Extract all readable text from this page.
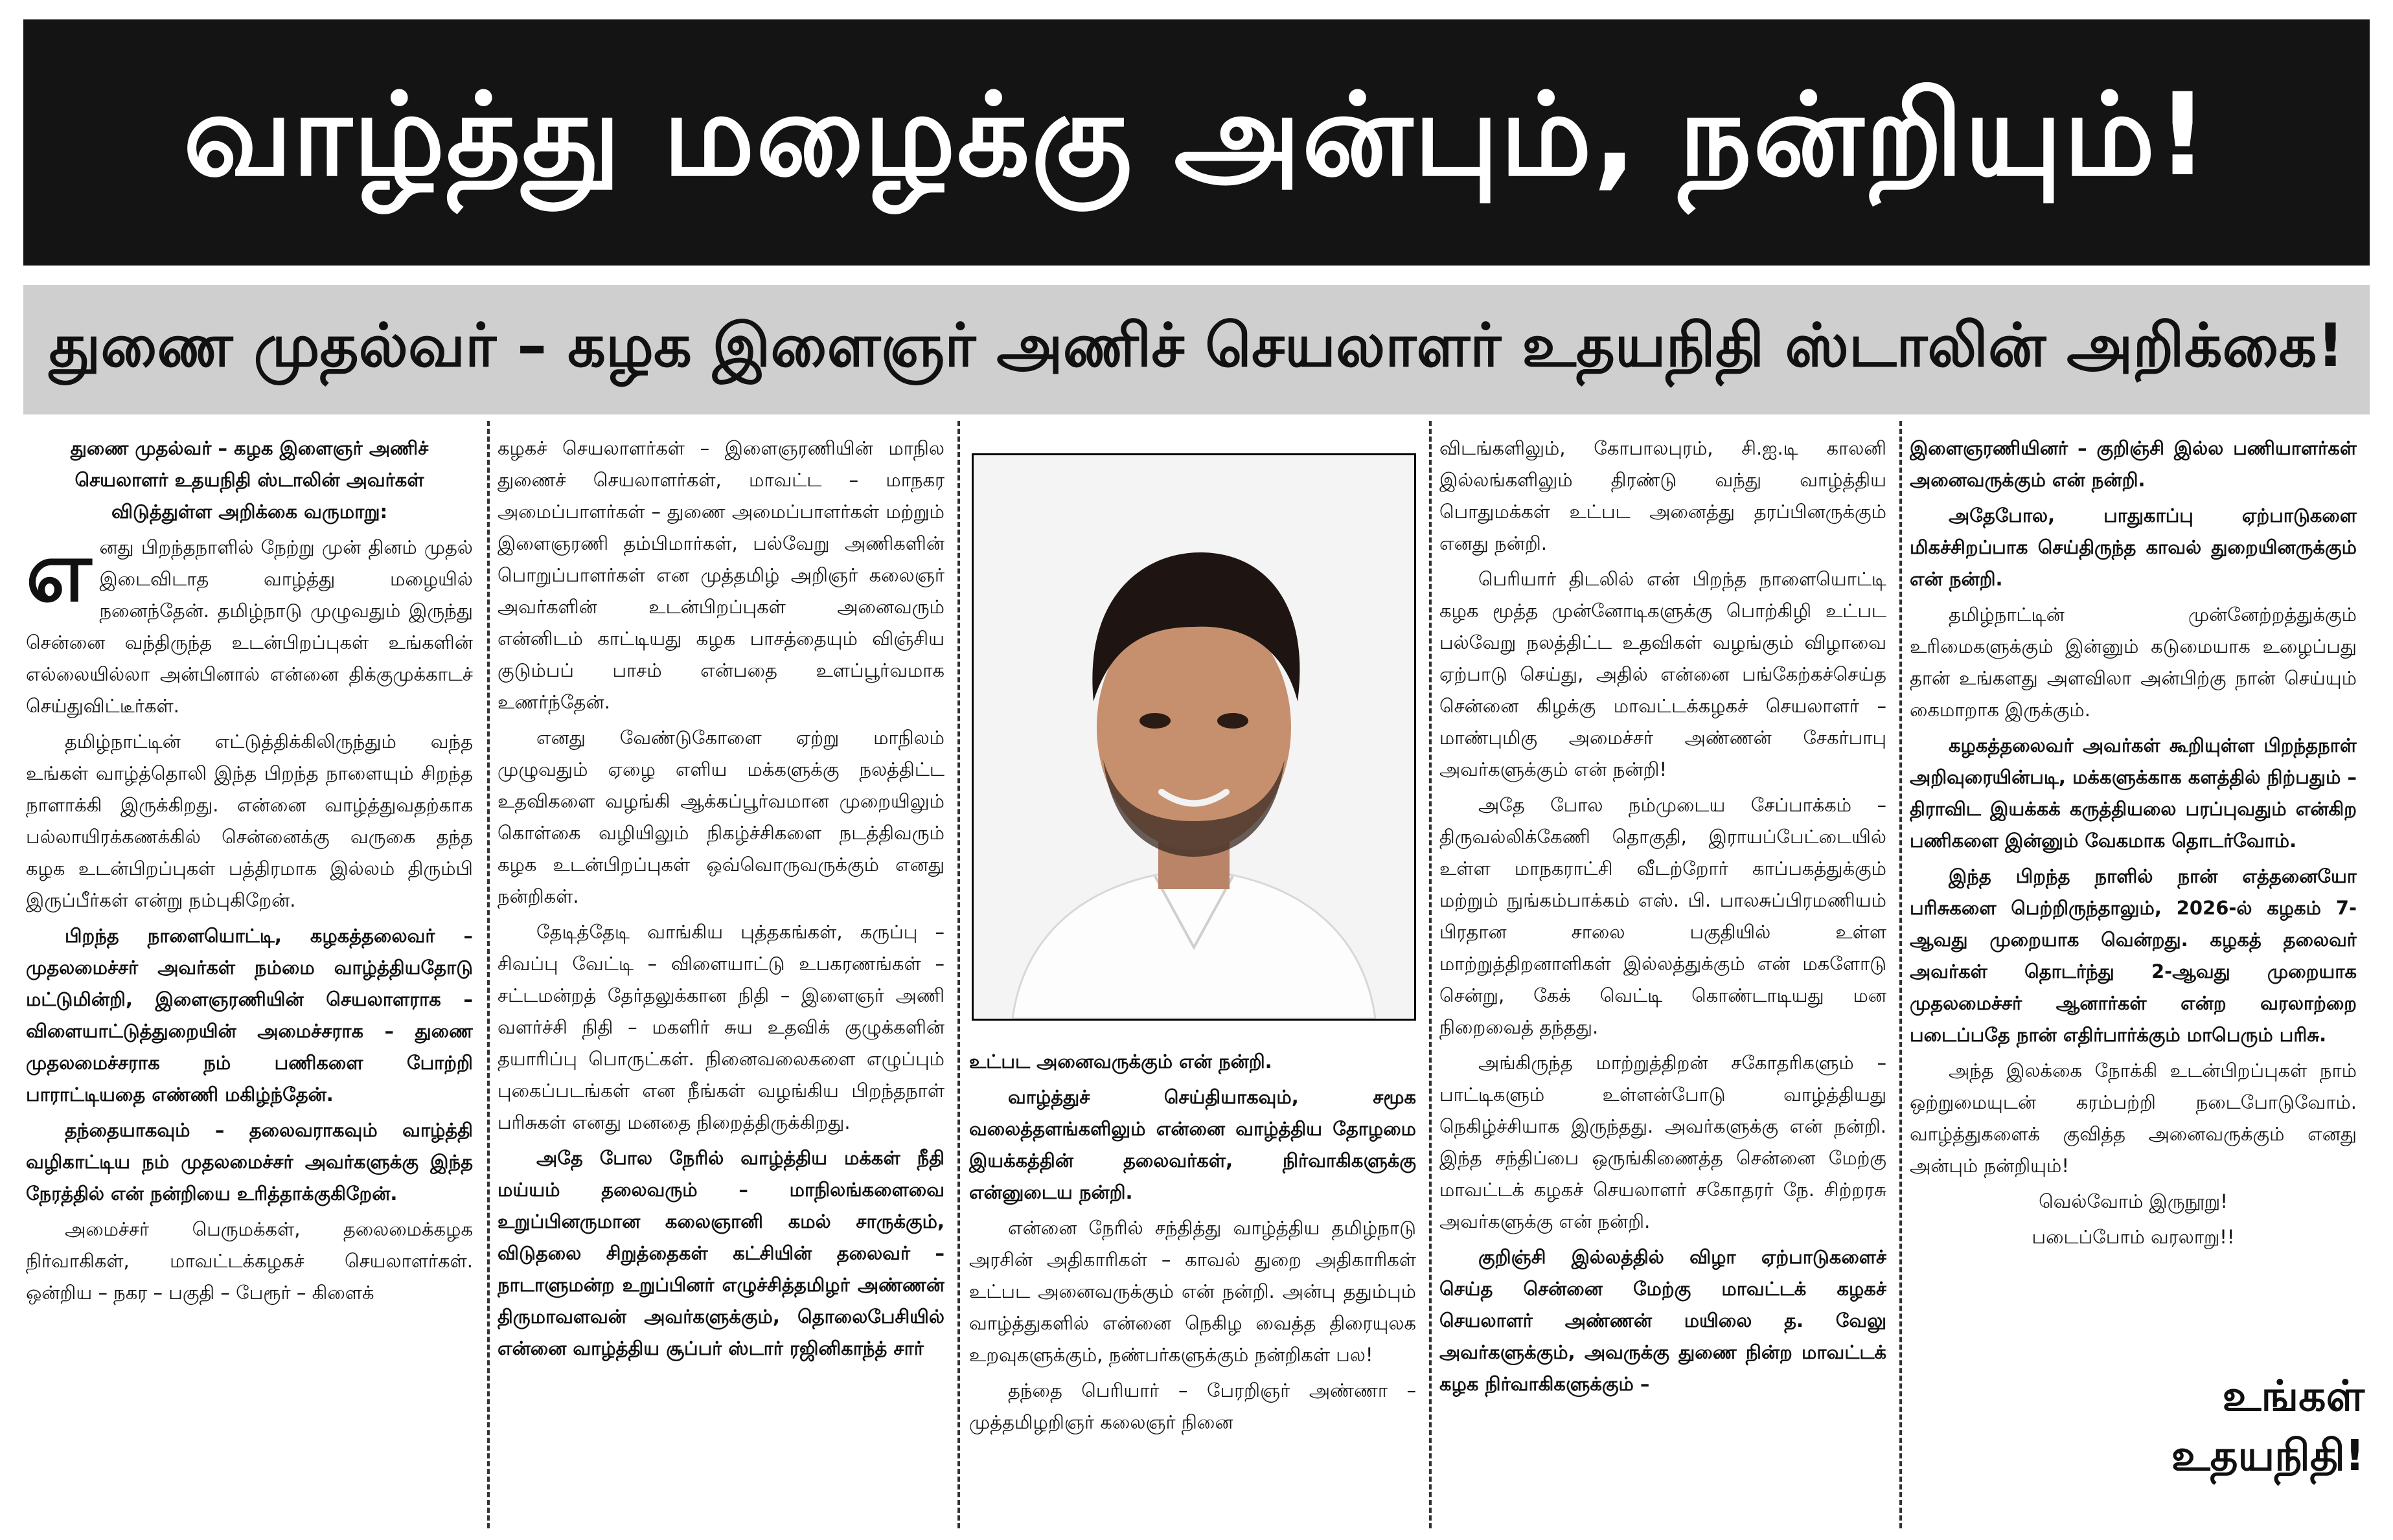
வாழ்த்து மழைக்கு அன்பும், நன்றியும்!
துணை முதல்வர் – கழக இளைஞர் அணிச் செயலாளர் உதயநிதி ஸ்டாலின் அறிக்கை!

துணை முதல்வர் – கழக இளைஞர் அணிச் செயலாளர் உதயநிதி ஸ்டாலின் அவர்கள் விடுத்துள்ள அறிக்கை வருமாறு:

எனது பிறந்தநாளில் நேற்று முன் தினம் முதல் இடைவிடாத வாழ்த்து மழையில் நனைந்தேன். தமிழ்நாடு முழுவதும் இருந்து சென்னை வந்திருந்த உடன்பிறப்புகள் உங்களின் எல்லையில்லா அன்பினால் என்னை திக்குமுக்காடச் செய்துவிட்டீர்கள்.

தமிழ்நாட்டின் எட்டுத்திக்கிலிருந்தும் வந்த உங்கள் வாழ்த்தொலி இந்த பிறந்த நாளையும் சிறந்த நாளாக்கி இருக்கிறது. என்னை வாழ்த்துவதற்காக பல்லாயிரக்கணக்கில் சென்னைக்கு வருகை தந்த கழக உடன்பிறப்புகள் பத்திரமாக இல்லம் திரும்பி இருப்பீர்கள் என்று நம்புகிறேன்.

பிறந்த நாளையொட்டி, கழகத்தலைவர் – முதலமைச்சர் அவர்கள் நம்மை வாழ்த்தியதோடு மட்டுமின்றி, இளைஞரணியின் செயலாளராக – விளையாட்டுத்துறையின் அமைச்சராக – துணை முதலமைச்சராக நம் பணிகளை போற்றி பாராட்டியதை எண்ணி மகிழ்ந்தேன்.

தந்தையாகவும் – தலைவராகவும் வாழ்த்தி வழிகாட்டிய நம் முதலமைச்சர் அவர்களுக்கு இந்த நேரத்தில் என் நன்றியை உரித்தாக்குகிறேன்.

அமைச்சர் பெருமக்கள், தலைமைக்கழக நிர்வாகிகள், மாவட்டக்கழகச் செயலாளர்கள். ஒன்றிய – நகர – பகுதி – பேரூர் – கிளைக்

கழகச் செயலாளர்கள் – இளைஞரணியின் மாநில துணைச் செயலாளர்கள், மாவட்ட – மாநகர அமைப்பாளர்கள் – துணை அமைப்பாளர்கள் மற்றும் இளைஞரணி தம்பிமார்கள், பல்வேறு அணிகளின் பொறுப்பாளர்கள் என முத்தமிழ் அறிஞர் கலைஞர் அவர்களின் உடன்பிறப்புகள் அனைவரும் என்னிடம் காட்டியது கழக பாசத்தையும் விஞ்சிய குடும்பப் பாசம் என்பதை உளப்பூர்வமாக உணர்ந்தேன்.

எனது வேண்டுகோளை ஏற்று மாநிலம் முழுவதும் ஏழை எளிய மக்களுக்கு நலத்திட்ட உதவிகளை வழங்கி ஆக்கப்பூர்வமான முறையிலும் கொள்கை வழியிலும் நிகழ்ச்சிகளை நடத்திவரும் கழக உடன்பிறப்புகள் ஒவ்வொருவருக்கும் எனது நன்றிகள்.

தேடித்தேடி வாங்கிய புத்தகங்கள், கருப்பு – சிவப்பு வேட்டி – விளையாட்டு உபகரணங்கள் – சட்டமன்றத் தேர்தலுக்கான நிதி – இளைஞர் அணி வளர்ச்சி நிதி – மகளிர் சுய உதவிக் குழுக்களின் தயாரிப்பு பொருட்கள். நினைவலைகளை எழுப்பும் புகைப்படங்கள் என நீங்கள் வழங்கிய பிறந்தநாள் பரிசுகள் எனது மனதை நிறைத்திருக்கிறது.

அதே போல நேரில் வாழ்த்திய மக்கள் நீதி மய்யம் தலைவரும் – மாநிலங்களைவை உறுப்பினருமான கலைஞானி கமல் சாருக்கும், விடுதலை சிறுத்தைகள் கட்சியின் தலைவர் – நாடாளுமன்ற உறுப்பினர் எழுச்சித்தமிழர் அண்ணன் திருமாவளவன் அவர்களுக்கும், தொலைபேசியில் என்னை வாழ்த்திய சூப்பர் ஸ்டார் ரஜினிகாந்த் சார்

உட்பட அனைவருக்கும் என் நன்றி.

வாழ்த்துச் செய்தியாகவும், சமூக வலைத்தளங்களிலும் என்னை வாழ்த்திய தோழமை இயக்கத்தின் தலைவர்கள், நிர்வாகிகளுக்கு என்னுடைய நன்றி.

என்னை நேரில் சந்தித்து வாழ்த்திய தமிழ்நாடு அரசின் அதிகாரிகள் – காவல் துறை அதிகாரிகள் உட்பட அனைவருக்கும் என் நன்றி. அன்பு ததும்பும் வாழ்த்துகளில் என்னை நெகிழ வைத்த திரையுலக உறவுகளுக்கும், நண்பர்களுக்கும் நன்றிகள் பல!

தந்தை பெரியார் – பேரறிஞர் அண்ணா – முத்தமிழறிஞர் கலைஞர் நினை

விடங்களிலும், கோபாலபுரம், சி.ஐ.டி காலனி இல்லங்களிலும் திரண்டு வந்து வாழ்த்திய பொதுமக்கள் உட்பட அனைத்து தரப்பினருக்கும் எனது நன்றி.

பெரியார் திடலில் என் பிறந்த நாளையொட்டி கழக மூத்த முன்னோடிகளுக்கு பொற்கிழி உட்பட பல்வேறு நலத்திட்ட உதவிகள் வழங்கும் விழாவை ஏற்பாடு செய்து, அதில் என்னை பங்கேற்கச்செய்த சென்னை கிழக்கு மாவட்டக்கழகச் செயலாளர் – மாண்புமிகு அமைச்சர் அண்ணன் சேகர்பாபு அவர்களுக்கும் என் நன்றி!

அதே போல நம்முடைய சேப்பாக்கம் – திருவல்லிக்கேணி தொகுதி, இராயப்பேட்டையில் உள்ள மாநகராட்சி வீடற்றோர் காப்பகத்துக்கும் மற்றும் நுங்கம்பாக்கம் எஸ். பி. பாலசுப்பிரமணியம் பிரதான சாலை பகுதியில் உள்ள மாற்றுத்திறனாளிகள் இல்லத்துக்கும் என் மகளோடு சென்று, கேக் வெட்டி கொண்டாடியது மன நிறைவைத் தந்தது.

அங்கிருந்த மாற்றுத்திறன் சகோதரிகளும் – பாட்டிகளும் உள்ளன்போடு வாழ்த்தியது நெகிழ்ச்சியாக இருந்தது. அவர்களுக்கு என் நன்றி. இந்த சந்திப்பை ஒருங்கிணைத்த சென்னை மேற்கு மாவட்டக் கழகச் செயலாளர் சகோதரர் நே. சிற்றரசு அவர்களுக்கு என் நன்றி.

குறிஞ்சி இல்லத்தில் விழா ஏற்பாடுகளைச் செய்த சென்னை மேற்கு மாவட்டக் கழகச் செயலாளர் அண்ணன் மயிலை த. வேலு அவர்களுக்கும், அவருக்கு துணை நின்ற மாவட்டக் கழக நிர்வாகிகளுக்கும் –

இளைஞரணியினர் – குறிஞ்சி இல்ல பணியாளர்கள் அனைவருக்கும் என் நன்றி.

அதேபோல, பாதுகாப்பு ஏற்பாடுகளை மிகச்சிறப்பாக செய்திருந்த காவல் துறையினருக்கும் என் நன்றி.

தமிழ்நாட்டின் முன்னேற்றத்துக்கும் உரிமைகளுக்கும் இன்னும் கடுமையாக உழைப்பது தான் உங்களது அளவிலா அன்பிற்கு நான் செய்யும் கைமாறாக இருக்கும்.

கழகத்தலைவர் அவர்கள் கூறியுள்ள பிறந்தநாள் அறிவுரையின்படி, மக்களுக்காக களத்தில் நிற்பதும் – திராவிட இயக்கக் கருத்தியலை பரப்புவதும் என்கிற பணிகளை இன்னும் வேகமாக தொடர்வோம்.

இந்த பிறந்த நாளில் நான் எத்தனையோ பரிசுகளை பெற்றிருந்தாலும், 2026-ல் கழகம் 7-ஆவது முறையாக வென்றது. கழகத் தலைவர் அவர்கள் தொடர்ந்து 2-ஆவது முறையாக முதலமைச்சர் ஆனார்கள் என்ற வரலாற்றை படைப்பதே நான் எதிர்பார்க்கும் மாபெரும் பரிசு.

அந்த இலக்கை நோக்கி உடன்பிறப்புகள் நாம் ஒற்றுமையுடன் கரம்பற்றி நடைபோடுவோம். வாழ்த்துகளைக் குவித்த அனைவருக்கும் எனது அன்பும் நன்றியும்!

வெல்வோம் இருநூறு!

படைப்போம் வரலாறு!!

உங்கள்
உதயநிதி!
